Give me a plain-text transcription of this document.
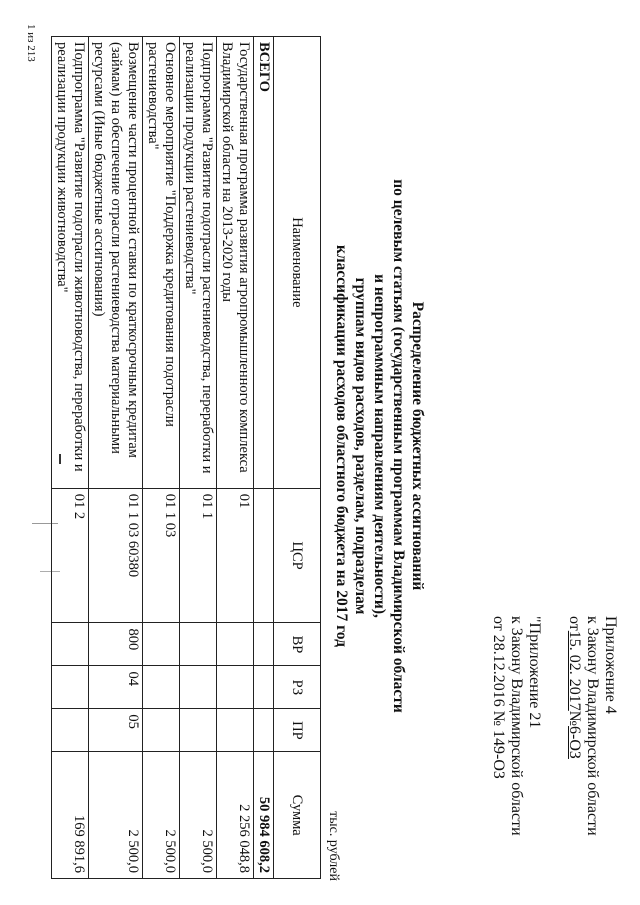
Приложение 4
к Закону Владимирской области
от15. 02. 2017№6-ОЗ
"Приложение 21
к Закону Владимирской области
от 28.12.2016 № 149-ОЗ
Распределение бюджетных ассигнований
по целевым статьям (государственным программам Владимирской области
и непрограммным направлениям деятельности),
группам видов расходов, разделам, подразделам
классификации расходов областного бюджета на 2017 год
тыс. рублей
Наименование	ЦСР	ВР	РЗ	ПР	Сумма
ВСЕГО					50 984 608,2
Государственная программа развития агропромышленного комплекса Владимирской области на 2013-2020 годы	01				2 256 048,8
Подпрограмма "Развитие подотрасли растениеводства, переработки и реализации продукции растениеводства"	01 1				2 500,0
Основное мероприятие "Поддержка кредитования подотрасли растениеводства"	01 1 03				2 500,0
Возмещение части процентной ставки по краткосрочным кредитам (займам) на обеспечение отрасли растениеводства материальными ресурсами (Иные бюджетные ассигнования)	01 1 03 60380	800	04	05	2 500,0
Подпрограмма "Развитие подотрасли животноводства, переработки и реализации продукции животноводства"	01 2				169 891,6
1 из 213
